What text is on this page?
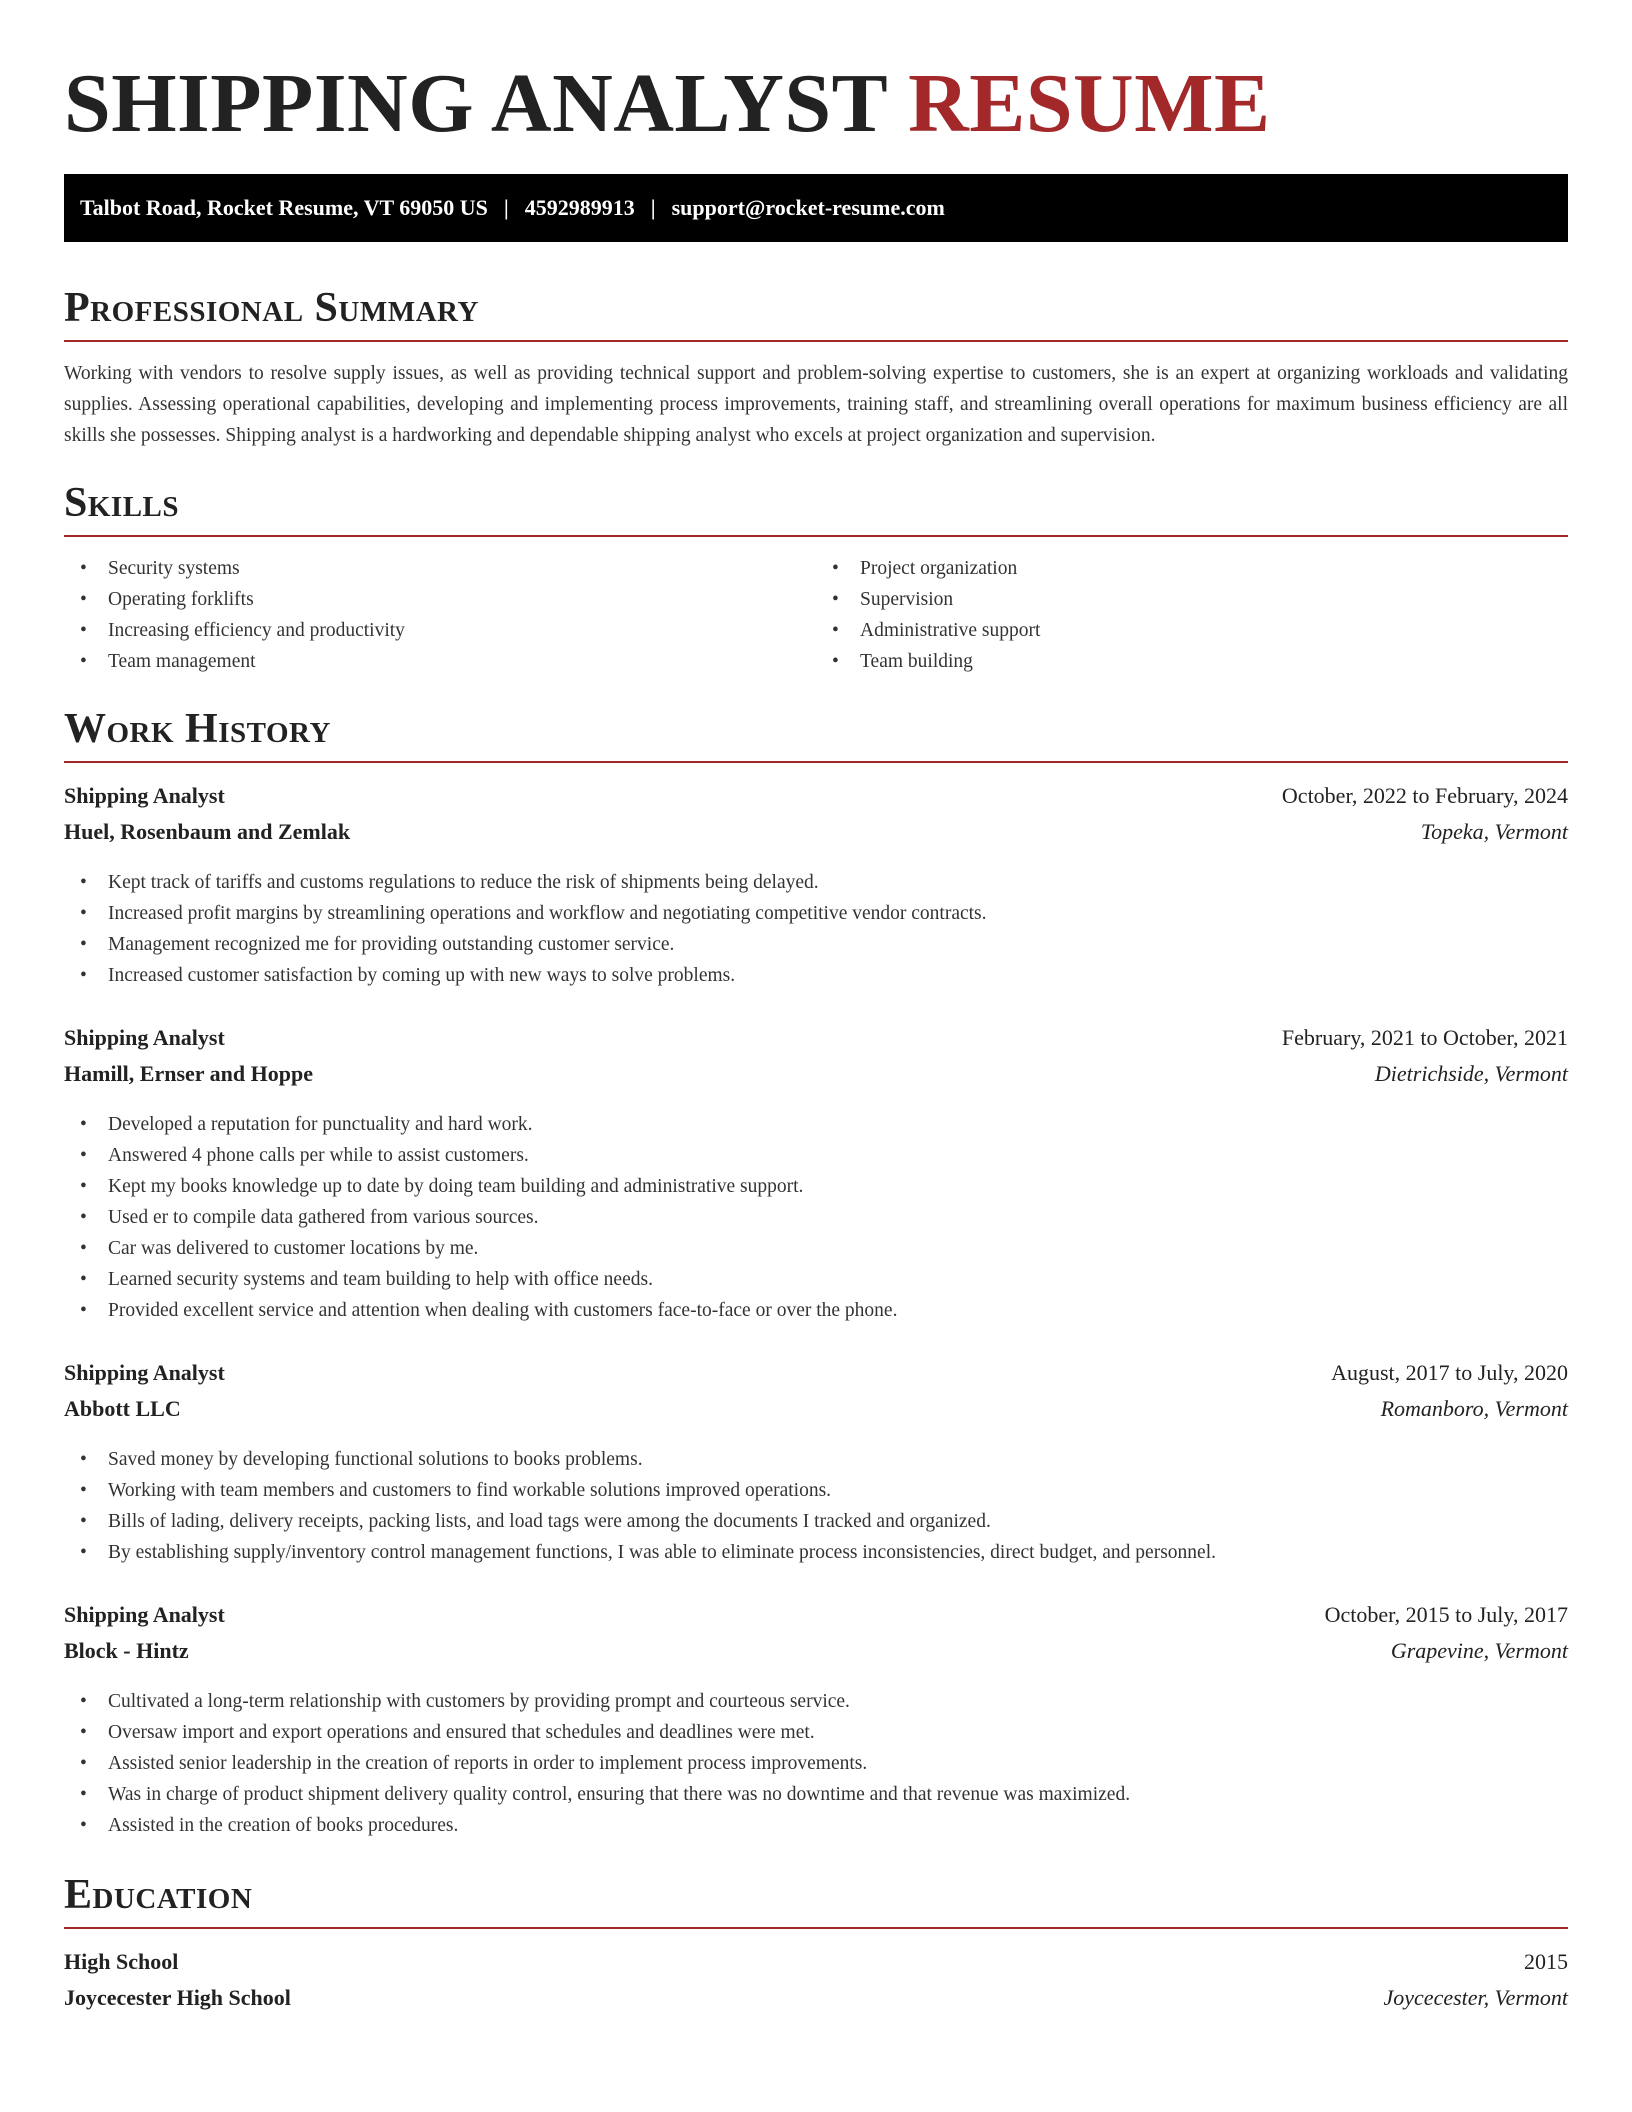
SHIPPING ANALYST RESUME
Talbot Road, Rocket Resume, VT 69050 US | 4592989913 | support@rocket-resume.com
Professional Summary

Working with vendors to resolve supply issues, as well as providing technical support and problem-solving expertise to customers, she is an expert at organizing workloads and validating supplies. Assessing operational capabilities, developing and implementing process improvements, training staff, and streamlining overall operations for maximum business efficiency are all skills she possesses. Shipping analyst is a hardworking and dependable shipping analyst who excels at project organization and supervision.

Skills
• Security systems
• Operating forklifts
• Increasing efficiency and productivity
• Team management
• Project organization
• Supervision
• Administrative support
• Team building
Work History
Shipping Analyst	October, 2022 to February, 2024
Huel, Rosenbaum and Zemlak	Topeka, Vermont
• Kept track of tariffs and customs regulations to reduce the risk of shipments being delayed.
• Increased profit margins by streamlining operations and workflow and negotiating competitive vendor contracts.
• Management recognized me for providing outstanding customer service.
• Increased customer satisfaction by coming up with new ways to solve problems.
Shipping Analyst	February, 2021 to October, 2021
Hamill, Ernser and Hoppe	Dietrichside, Vermont
• Developed a reputation for punctuality and hard work.
• Answered 4 phone calls per while to assist customers.
• Kept my books knowledge up to date by doing team building and administrative support.
• Used er to compile data gathered from various sources.
• Car was delivered to customer locations by me.
• Learned security systems and team building to help with office needs.
• Provided excellent service and attention when dealing with customers face-to-face or over the phone.
Shipping Analyst	August, 2017 to July, 2020
Abbott LLC	Romanboro, Vermont
• Saved money by developing functional solutions to books problems.
• Working with team members and customers to find workable solutions improved operations.
• Bills of lading, delivery receipts, packing lists, and load tags were among the documents I tracked and organized.
• By establishing supply/inventory control management functions, I was able to eliminate process inconsistencies, direct budget, and personnel.
Shipping Analyst	October, 2015 to July, 2017
Block - Hintz	Grapevine, Vermont
• Cultivated a long-term relationship with customers by providing prompt and courteous service.
• Oversaw import and export operations and ensured that schedules and deadlines were met.
• Assisted senior leadership in the creation of reports in order to implement process improvements.
• Was in charge of product shipment delivery quality control, ensuring that there was no downtime and that revenue was maximized.
• Assisted in the creation of books procedures.
Education
High School	2015
Joycecester High School	Joycecester, Vermont
